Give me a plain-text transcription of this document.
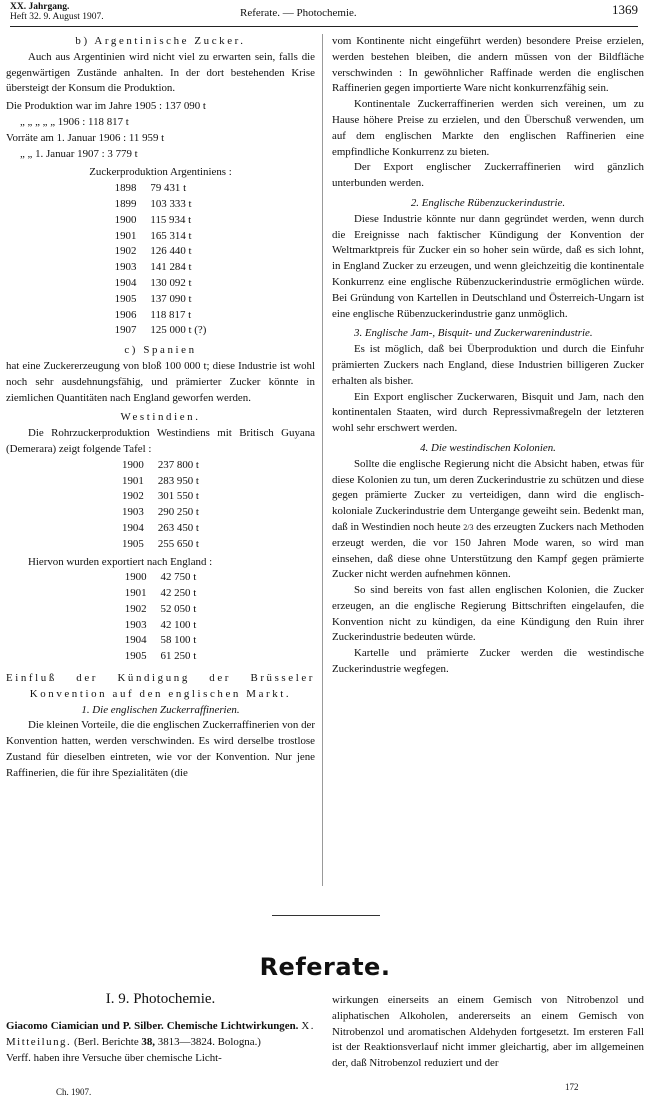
XX. Jahrgang.
Heft 32. 9. August 1907.	Referate. — Photochemie.	1369

b) Argentinische Zucker.

Auch aus Argentinien wird nicht viel zu erwarten sein, falls die gegenwärtigen Zustände anhalten. In der dort bestehenden Krise übersteigt der Konsum die Produktion.

Die Produktion war im Jahre 1905 : 137 090 t
„ „ „ „ „ 1906 : 118 817 t
Vorräte am 1. Januar 1906 : 11 959 t
„ „ 1. Januar 1907 : 3 779 t

Zuckerproduktion Argentiniens :

1898	79 431 t
1899	103 333 t
1900	115 934 t
1901	165 314 t
1902	126 440 t
1903	141 284 t
1904	130 092 t
1905	137 090 t
1906	118 817 t
1907	125 000 t (?)

c) Spanien

hat eine Zuckererzeugung von bloß 100 000 t; diese Industrie ist wohl noch sehr ausdehnungsfähig, und prämierter Zucker könnte in ziemlichen Quantitäten nach England geworfen werden.

Westindien.

Die Rohrzuckerproduktion Westindiens mit Britisch Guyana (Demerara) zeigt folgende Tafel :

1900	237 800 t
1901	283 950 t
1902	301 550 t
1903	290 250 t
1904	263 450 t
1905	255 650 t

Hiervon wurden exportiert nach England :

1900	42 750 t
1901	42 250 t
1902	52 050 t
1903	42 100 t
1904	58 100 t
1905	61 250 t

Einfluß der Kündigung der Brüsseler Konvention auf den englischen Markt.

1. Die englischen Zuckerraffinerien.

Die kleinen Vorteile, die die englischen Zuckerraffinerien von der Konvention hatten, werden verschwinden. Es wird derselbe trostlose Zustand für dieselben eintreten, wie vor der Konvention. Nur jene Raffinerien, die für ihre Spezialitäten (die

vom Kontinente nicht eingeführt werden) besondere Preise erzielen, werden bestehen bleiben, die andern müssen von der Bildfläche verschwinden : In gewöhnlicher Raffinade werden die englischen Raffinerien gegen importierte Ware nicht konkurrenzfähig sein.

Kontinentale Zuckerraffinerien werden sich vereinen, um zu Hause höhere Preise zu erzielen, und den Überschuß verwenden, um auf dem englischen Markte den englischen Raffinerien eine empfindliche Konkurrenz zu bieten.

Der Export englischer Zuckerraffinerien wird gänzlich unterbunden werden.

2. Englische Rübenzuckerindustrie.

Diese Industrie könnte nur dann gegründet werden, wenn durch die Ereignisse nach faktischer Kündigung der Konvention der Weltmarktpreis für Zucker ein so hoher sein würde, daß es sich lohnt, in England Zucker zu erzeugen, und wenn gleichzeitig die kontinentale Konkurrenz eine englische Rübenzuckerindustrie ermöglichen würde. Bei Gründung von Kartellen in Deutschland und Österreich-Ungarn ist eine englische Rübenzuckerindustrie ganz unmöglich.

3. Englische Jam-, Bisquit- und Zuckerwarenindustrie.

Es ist möglich, daß bei Überproduktion und durch die Einfuhr prämierten Zuckers nach England, diese Industrien billigeren Zucker erhalten als bisher.

Ein Export englischer Zuckerwaren, Bisquit und Jam, nach den kontinentalen Staaten, wird durch Repressivmaßregeln der letzteren wohl sehr erschwert werden.

4. Die westindischen Kolonien.

Sollte die englische Regierung nicht die Absicht haben, etwas für diese Kolonien zu tun, um deren Zuckerindustrie zu schützen und diese gegen prämierte Zucker zu verteidigen, dann wird die englisch-koloniale Zuckerindustrie dem Untergange geweiht sein. Bedenkt man, daß in Westindien noch heute 2/3 des erzeugten Zuckers nach Methoden erzeugt werden, die vor 150 Jahren Mode waren, so wird man einsehen, daß diese ohne Unterstützung den Kampf gegen prämierte Zucker nicht werden aufnehmen können.

So sind bereits von fast allen englischen Kolonien, die Zucker erzeugen, an die englische Regierung Bittschriften eingelaufen, die Konvention nicht zu kündigen, da eine Kündigung den Ruin ihrer Zuckerindustrie bedeuten würde.

Kartelle und prämierte Zucker werden die westindische Zuckerindustrie wegfegen.

Referate.
I. 9. Photochemie.
Giacomo Ciamician und P. Silber. Chemische Lichtwirkungen. X. Mitteilung. (Berl. Berichte 38, 3813—3824. Bologna.)
Verff. haben ihre Versuche über chemische Licht-
wirkungen einerseits an einem Gemisch von Nitrobenzol und aliphatischen Alkoholen, andererseits an einem Gemisch von Nitrobenzol und aromatischen Aldehyden fortgesetzt. Im ersteren Fall ist der Reaktionsverlauf nicht immer gleichartig, aber im allgemeinen der, daß Nitrobenzol reduziert und der
Ch. 1907.	172
